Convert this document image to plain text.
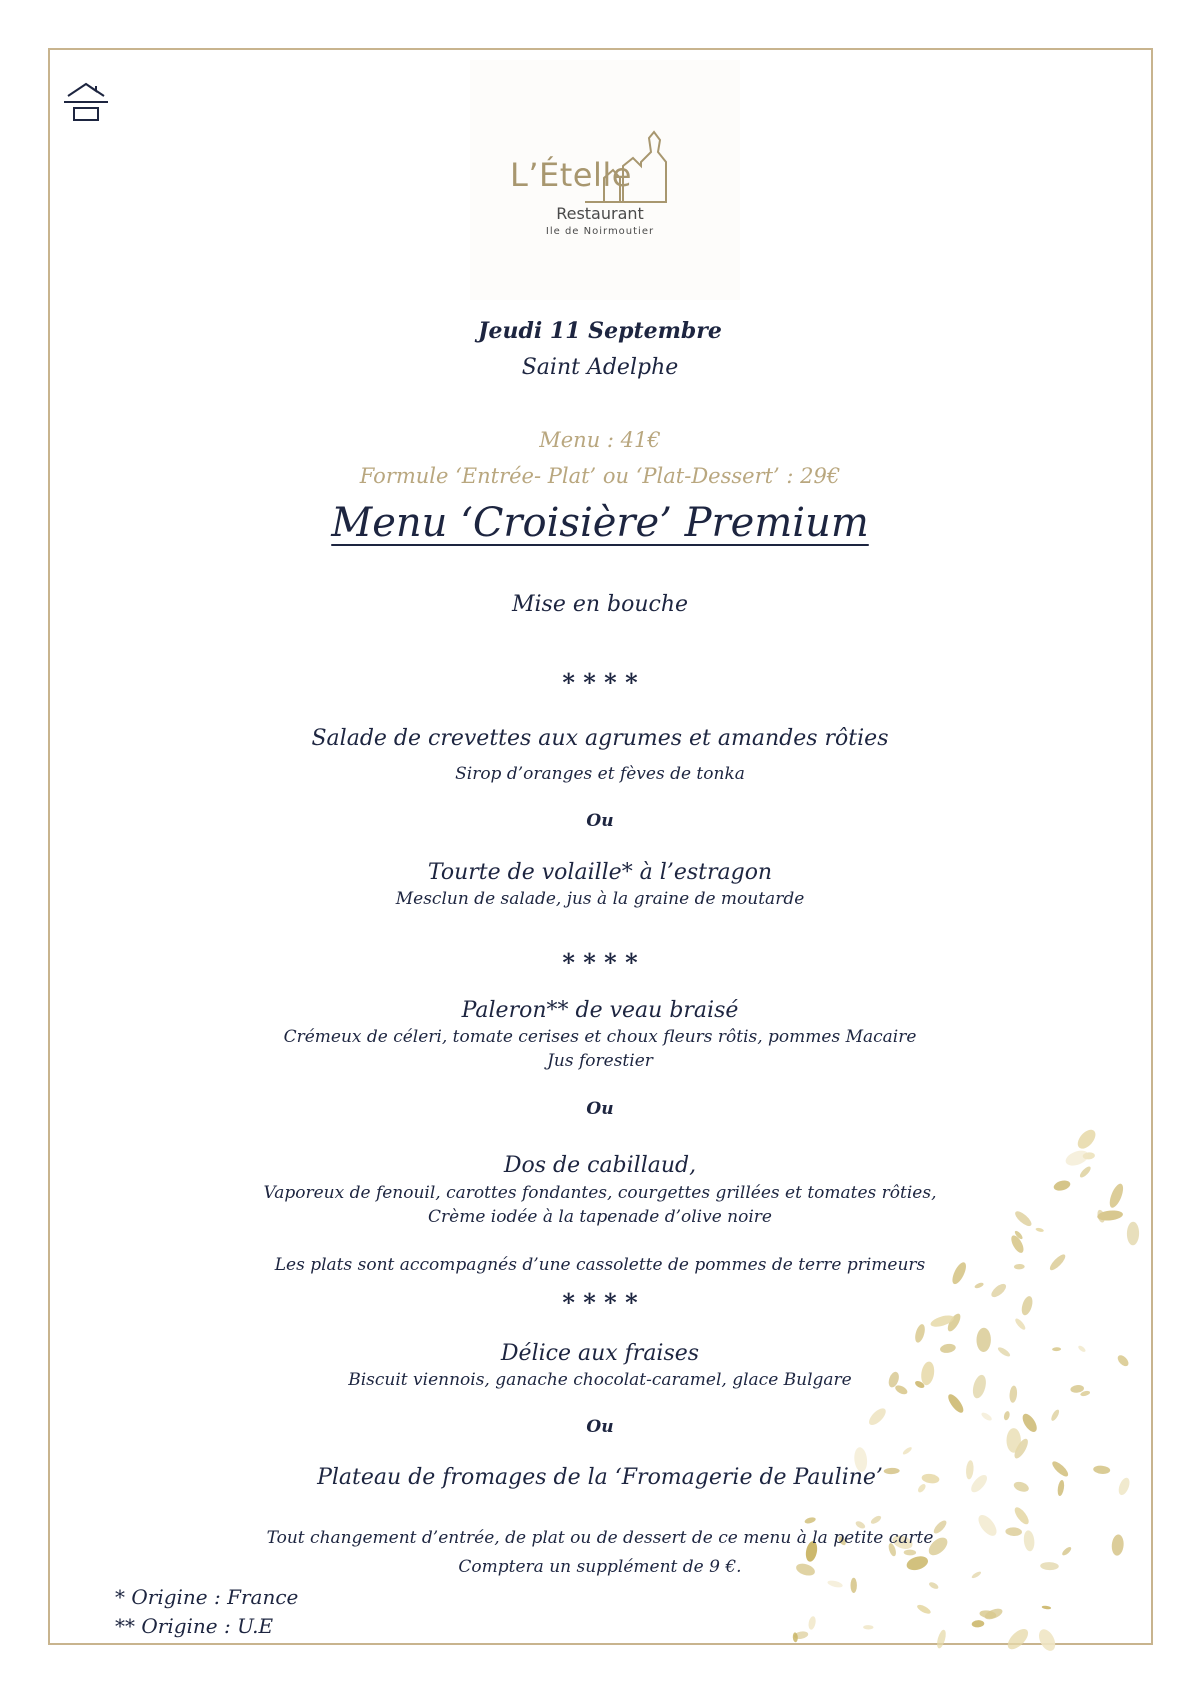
L’Ételle
Restaurant
Ile de Noirmoutier
Jeudi 11 Septembre
Saint Adelphe
Menu : 41€
Formule ‘Entrée- Plat’ ou ‘Plat-Dessert’ : 29€
Menu ‘Croisière’ Premium
Mise en bouche
* * * *
Salade de crevettes aux agrumes et amandes rôties
Sirop d’oranges et fèves de tonka
Ou
Tourte de volaille* à l’estragon
Mesclun de salade, jus à la graine de moutarde
* * * *
Paleron** de veau braisé
Crémeux de céleri, tomate cerises et choux fleurs rôtis, pommes Macaire
Jus forestier
Ou
Dos de cabillaud,
Vaporeux de fenouil, carottes fondantes, courgettes grillées et tomates rôties,
Crème iodée à la tapenade d’olive noire
Les plats sont accompagnés d’une cassolette de pommes de terre primeurs
* * * *
Délice aux fraises
Biscuit viennois, ganache chocolat-caramel, glace Bulgare
Ou
Plateau de fromages de la ‘Fromagerie de Pauline’
Tout changement d’entrée, de plat ou de dessert de ce menu à la petite carte
Comptera un supplément de 9 €.
* Origine : France
** Origine : U.E
